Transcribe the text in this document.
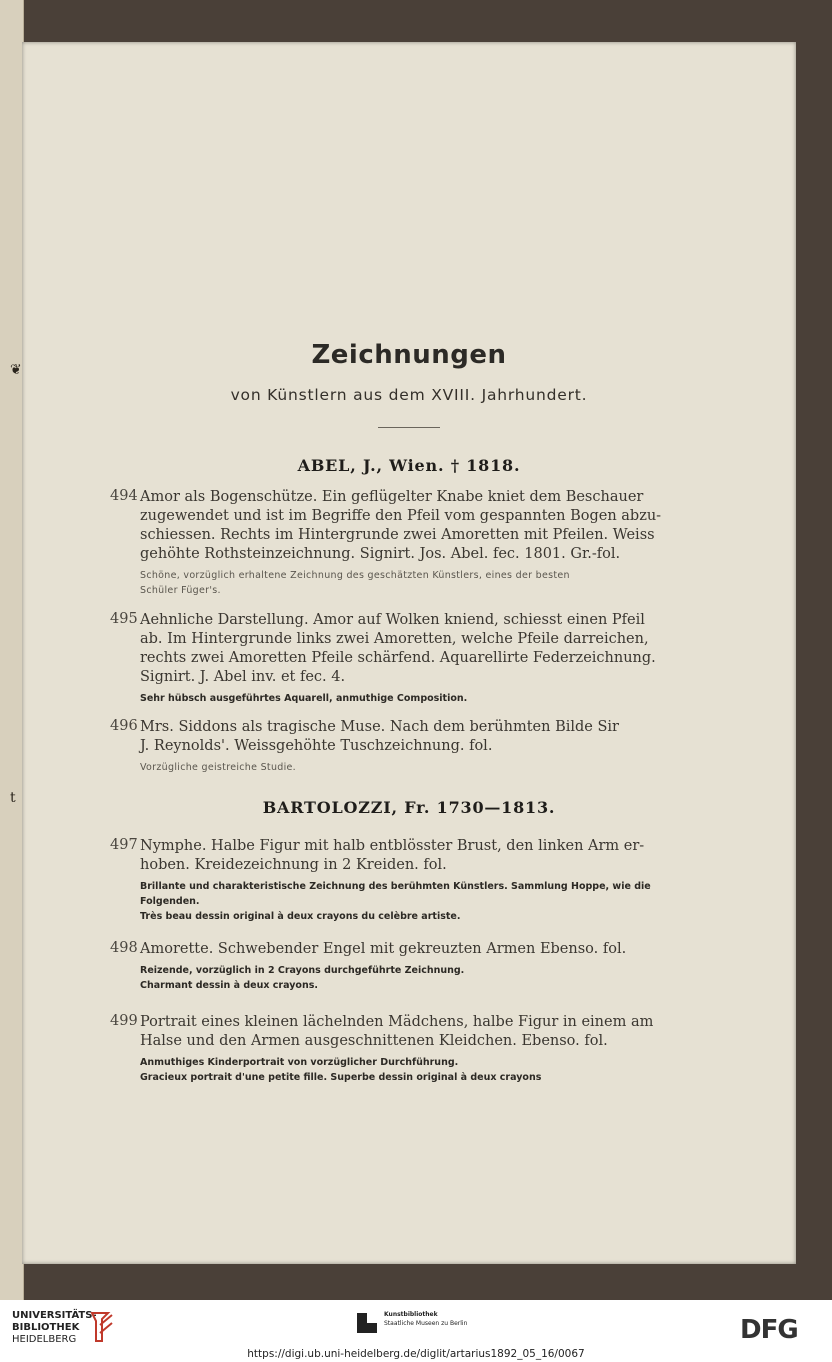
❦
t
Zeichnungen
von Künstlern aus dem XVIII. Jahrhundert.
ABEL, J., Wien. † 1818.
494 Amor als Bogenschütze. Ein geflügelter Knabe kniet dem Beschauer
zugewendet und ist im Begriffe den Pfeil vom gespannten Bogen abzu-
schiessen. Rechts im Hintergrunde zwei Amoretten mit Pfeilen. Weiss
gehöhte Rothsteinzeichnung. Signirt. Jos. Abel. fec. 1801. Gr.-fol.
Schöne, vorzüglich erhaltene Zeichnung des geschätzten Künstlers, eines der besten
Schüler Füger's.
495 Aehnliche Darstellung. Amor auf Wolken kniend, schiesst einen Pfeil
ab. Im Hintergrunde links zwei Amoretten, welche Pfeile darreichen,
rechts zwei Amoretten Pfeile schärfend. Aquarellirte Federzeichnung.
Signirt. J. Abel inv. et fec. 4.
Sehr hübsch ausgeführtes Aquarell, anmuthige Composition.
496 Mrs. Siddons als tragische Muse. Nach dem berühmten Bilde Sir
J. Reynolds'. Weissgehöhte Tuschzeichnung. fol.
Vorzügliche geistreiche Studie.
BARTOLOZZI, Fr. 1730—1813.
497 Nymphe. Halbe Figur mit halb entblösster Brust, den linken Arm er-
hoben. Kreidezeichnung in 2 Kreiden. fol.
Brillante und charakteristische Zeichnung des berühmten Künstlers. Sammlung Hoppe, wie die
Folgenden.
Très beau dessin original à deux crayons du celèbre artiste.
498 Amorette. Schwebender Engel mit gekreuzten Armen Ebenso. fol.
Reizende, vorzüglich in 2 Crayons durchgeführte Zeichnung.
Charmant dessin à deux crayons.
499 Portrait eines kleinen lächelnden Mädchens, halbe Figur in einem am
Halse und den Armen ausgeschnittenen Kleidchen. Ebenso. fol.
Anmuthiges Kinderportrait von vorzüglicher Durchführung.
Gracieux portrait d'une petite fille. Superbe dessin original à deux crayons
UNIVERSITÄTS-
BIBLIOTHEK
HEIDELBERG
Kunstbibliothek
Staatliche Museen zu Berlin	DFG
https://digi.ub.uni-heidelberg.de/diglit/artarius1892_05_16/0067
